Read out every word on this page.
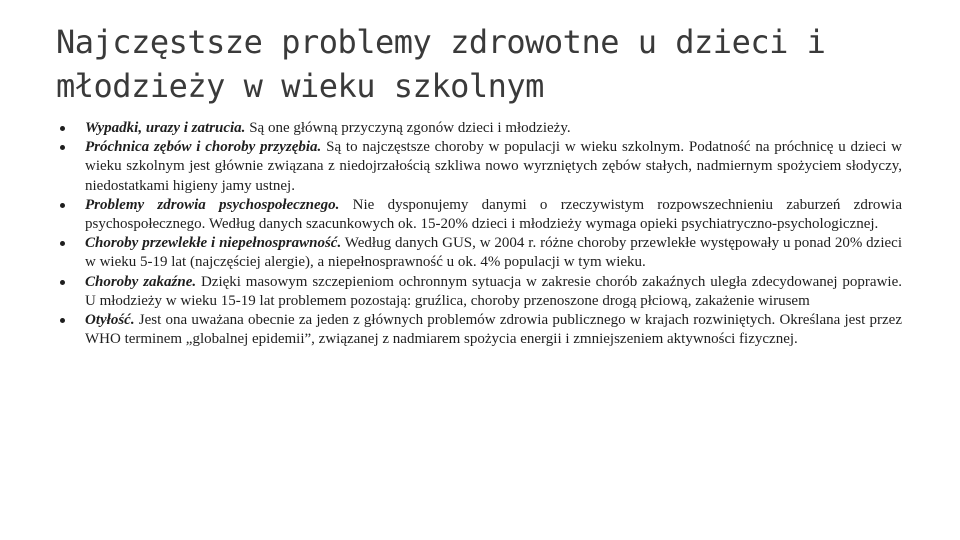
Najczęstsze problemy zdrowotne u dzieci i
młodzieży w wieku szkolnym
Wypadki, urazy i zatrucia. Są one główną przyczyną zgonów dzieci i młodzieży.
Próchnica zębów i choroby przyzębia. Są to najczęstsze choroby w populacji w wieku szkolnym. Podatność na próchnicę u dzieci w wieku szkolnym jest głównie związana z niedojrzałością szkliwa nowo wyrzniętych zębów stałych, nadmiernym spożyciem słodyczy, niedostatkami higieny jamy ustnej.
Problemy zdrowia psychospołecznego. Nie dysponujemy danymi o rzeczywistym rozpowszechnieniu zaburzeń zdrowia psychospołecznego. Według danych szacunkowych ok. 15-20% dzieci i młodzieży wymaga opieki psychiatryczno-psychologicznej.
Choroby przewlekłe i niepełnosprawność. Według danych GUS, w 2004 r. różne choroby przewlekłe występowały u ponad 20% dzieci w wieku 5-19 lat (najczęściej alergie), a niepełnosprawność u ok. 4% populacji w tym wieku.
Choroby zakaźne. Dzięki masowym szczepieniom ochronnym sytuacja w zakresie chorób zakaźnych uległa zdecydowanej poprawie. U młodzieży w wieku 15-19 lat problemem pozostają: gruźlica, choroby przenoszone drogą płciową, zakażenie wirusem
Otyłość. Jest ona uważana obecnie za jeden z głównych problemów zdrowia publicznego w krajach rozwiniętych. Określana jest przez WHO terminem „globalnej epidemii”, związanej z nadmiarem spożycia energii i zmniejszeniem aktywności fizycznej.
